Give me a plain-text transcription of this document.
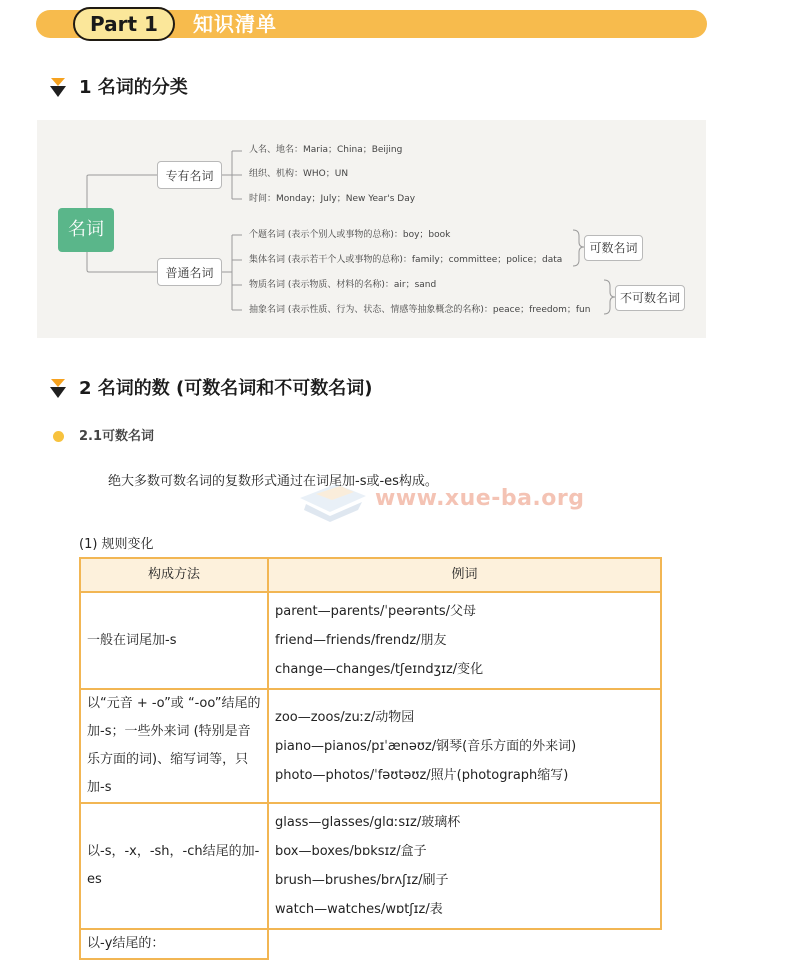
Part 1	知识清单
1 名词的分类
名词
专有名词
普通名词
人名、地名：Maria；China；Beijing
组织、机构：WHO；UN
时间：Monday；July；New Year's Day
个题名词 (表示个别人或事物的总称)：boy；book
集体名词 (表示若干个人或事物的总称)：family；committee；police；data
物质名词 (表示物质、材料的名称)：air；sand
抽象名词 (表示性质、行为、状态、情感等抽象概念的名称)：peace；freedom；fun
可数名词
不可数名词
2 名词的数 (可数名词和不可数名词)
2.1可数名词
绝大多数可数名词的复数形式通过在词尾加-s或-es构成。
www.xue-ba.org
(1) 规则变化
构成方法	例词

一般在词尾加-s	parent—parents/ˈpeərənts/父母
friend—friends/frendz/朋友
change—changes/tʃeɪndʒɪz/变化

以“元音 + -o”或 “-oo”结尾的加-s；一些外来词 (特别是音乐方面的词)、缩写词等，只加-s	zoo—zoos/zuːz/动物园
piano—pianos/pɪˈænəʊz/钢琴(音乐方面的外来词)
photo—photos/ˈfəʊtəʊz/照片(photograph缩写)

以-s，-x，-sh，-ch结尾的加-es	glass—glasses/glɑːsɪz/玻璃杯
box—boxes/bɒksɪz/盒子
brush—brushes/brʌʃɪz/刷子
watch—watches/wɒtʃɪz/表

以-y结尾的：	
